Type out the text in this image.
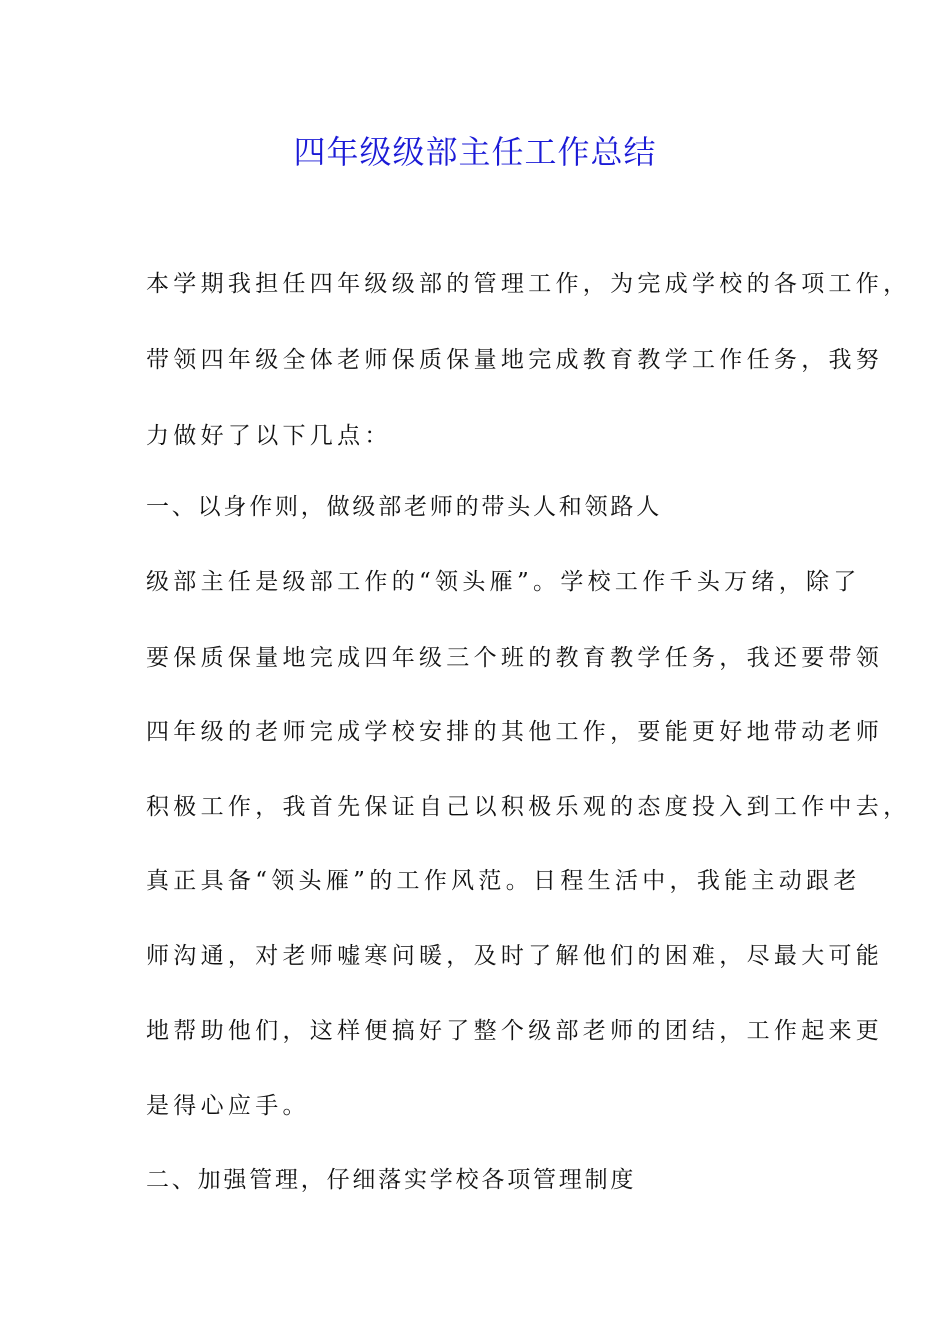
四年级级部主任工作总结
本学期我担任四年级级部的管理工作，为完成学校的各项工作，
带领四年级全体老师保质保量地完成教育教学工作任务，我努
力做好了以下几点：
一、以身作则，做级部老师的带头人和领路人
级部主任是级部工作的“领头雁”。学校工作千头万绪，除了
要保质保量地完成四年级三个班的教育教学任务，我还要带领
四年级的老师完成学校安排的其他工作，要能更好地带动老师
积极工作，我首先保证自己以积极乐观的态度投入到工作中去，
真正具备“领头雁”的工作风范。日程生活中，我能主动跟老
师沟通，对老师嘘寒问暖，及时了解他们的困难，尽最大可能
地帮助他们，这样便搞好了整个级部老师的团结，工作起来更
是得心应手。
二、加强管理，仔细落实学校各项管理制度
